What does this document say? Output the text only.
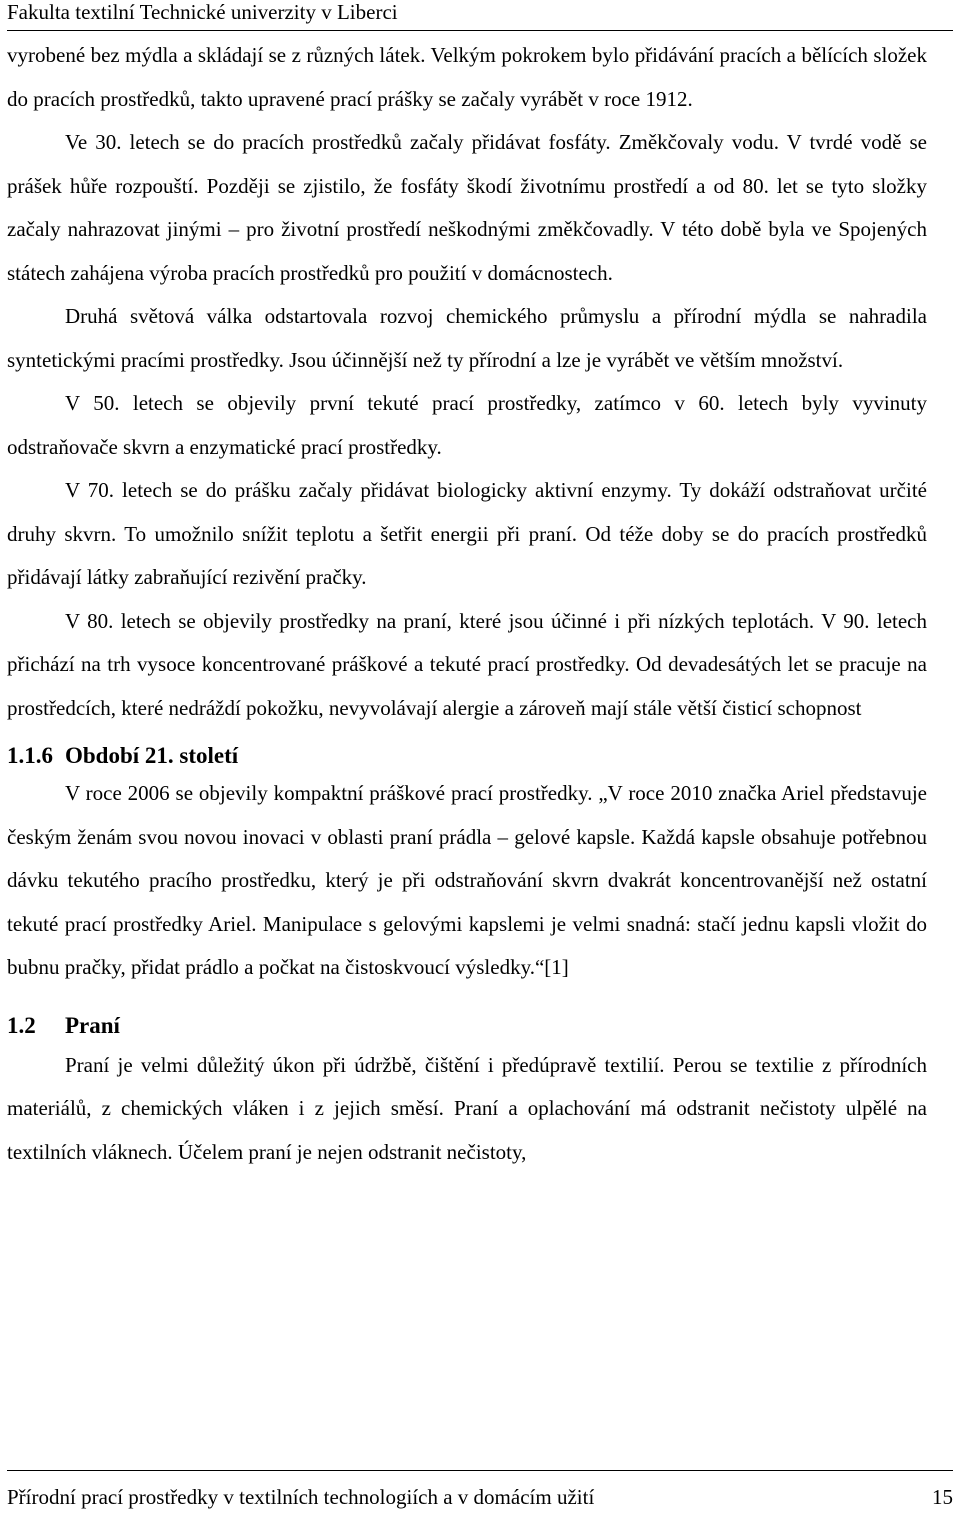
Fakulta textilní Technické univerzity v Liberci

vyrobené bez mýdla a skládají se z různých látek. Velkým pokrokem bylo přidávání pracích a bělících složek do pracích prostředků, takto upravené prací prášky se začaly vyrábět v roce 1912.

Ve 30. letech se do pracích prostředků začaly přidávat fosfáty. Změkčovaly vodu. V tvrdé vodě se prášek hůře rozpouští. Později se zjistilo, že fosfáty škodí životnímu prostředí a od 80. let se tyto složky začaly nahrazovat jinými – pro životní prostředí neškodnými změkčovadly. V této době byla ve Spojených státech zahájena výroba pracích prostředků pro použití v domácnostech.

Druhá světová válka odstartovala rozvoj chemického průmyslu a přírodní mýdla se nahradila syntetickými pracími prostředky. Jsou účinnější než ty přírodní a lze je vyrábět ve větším množství.

V 50. letech se objevily první tekuté prací prostředky, zatímco v 60. letech byly vyvinuty odstraňovače skvrn a enzymatické prací prostředky.

V 70. letech se do prášku začaly přidávat biologicky aktivní enzymy. Ty dokáží odstraňovat určité druhy skvrn. To umožnilo snížit teplotu a šetřit energii při praní. Od téže doby se do pracích prostředků přidávají látky zabraňující rezivění pračky.

V 80. letech se objevily prostředky na praní, které jsou účinné i při nízkých teplotách. V 90. letech přichází na trh vysoce koncentrované práškové a tekuté prací prostředky. Od devadesátých let se pracuje na prostředcích, které nedráždí pokožku, nevyvolávají alergie a zároveň mají stále větší čisticí schopnost

1.1.6 Období 21. století

V roce 2006 se objevily kompaktní práškové prací prostředky. „V roce 2010 značka Ariel představuje českým ženám svou novou inovaci v oblasti praní prádla – gelové kapsle. Každá kapsle obsahuje potřebnou dávku tekutého pracího prostředku, který je při odstraňování skvrn dvakrát koncentrovanější než ostatní tekuté prací prostředky Ariel. Manipulace s gelovými kapslemi je velmi snadná: stačí jednu kapsli vložit do bubnu pračky, přidat prádlo a počkat na čistoskvoucí výsledky.“[1]

1.2 Praní

Praní je velmi důležitý úkon při údržbě, čištění i předúpravě textilií. Perou se textilie z přírodních materiálů, z chemických vláken i z jejich směsí. Praní a oplachování má odstranit nečistoty ulpělé na textilních vláknech. Účelem praní je nejen odstranit nečistoty,

Přírodní prací prostředky v textilních technologiích a v domácím užití	15
